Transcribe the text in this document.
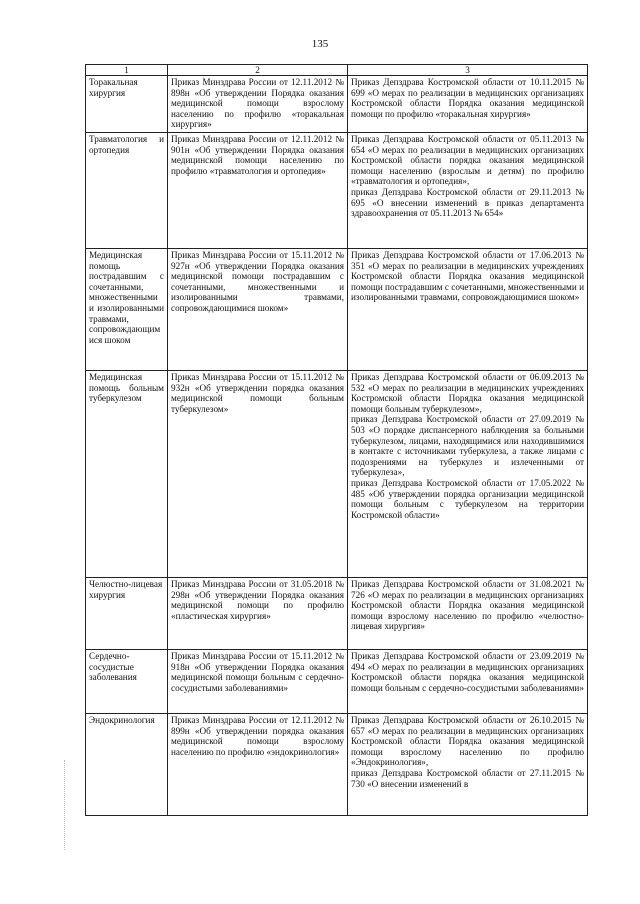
135
1	2	3
Торакальная хирургия	Приказ Минздрава России от 12.11.2012 № 898н «Об утверждении Порядка оказания медицинской помощи взрослому населению по профилю «торакальная хирургия»	Приказ Депздрава Костромской области от 10.11.2015 № 699 «О мерах по реализации в медицинских организациях Костромской области Порядка оказания медицинской помощи по профилю «торакальная хирургия»

Травматология и ортопедия	Приказ Минздрава России от 12.11.2012 № 901н «Об утверждении Порядка оказания медицинской помощи населению по профилю «травматология и ортопедия»	Приказ Депздрава Костромской области от 05.11.2013 № 654 «О мерах по реализации в медицинских организациях Костромской области порядка оказания медицинской помощи населению (взрослым и детям) по профилю «травматология и ортопедия»,
приказ Депздрава Костромской области от 29.11.2013 № 695 «О внесении изменений в приказ департамента здравоохранения от 05.11.2013 № 654»

Медицинская помощь пострадавшим с сочетанными, множественными и изолированными травмами, сопровождающимися шоком	Приказ Минздрава России от 15.11.2012 № 927н «Об утверждении Порядка оказания медицинской помощи пострадавшим с сочетанными, множественными и изолированными травмами, сопровождающимися шоком»	Приказ Депздрава Костромской области от 17.06.2013 № 351 «О мерах по реализации в медицинских учреждениях Костромской области Порядка оказания медицинской помощи пострадавшим с сочетанными, множественными и изолированными травмами, сопровождающимися шоком»

Медицинская помощь больным туберкулезом	Приказ Минздрава России от 15.11.2012 № 932н «Об утверждении порядка оказания медицинской помощи больным туберкулезом»	Приказ Депздрава Костромской области от 06.09.2013 № 532 «О мерах по реализации в медицинских учреждениях Костромской области Порядка оказания медицинской помощи больным туберкулезом»,
приказ Депздрава Костромской области от 27.09.2019 № 503 «О порядке диспансерного наблюдения за больными туберкулезом, лицами, находящимися или находившимися в контакте с источниками туберкулеза, а также лицами с подозрениями на туберкулез и излеченными от туберкулеза»,
приказ Депздрава Костромской области от 17.05.2022 № 485 «Об утверждении порядка организации медицинской помощи больным с туберкулезом на территории Костромской области»

Челюстно-лицевая хирургия	Приказ Минздрава России от 31.05.2018 № 298н «Об утверждении Порядка оказания медицинской помощи по профилю «пластическая хирургия»	Приказ Депздрава Костромской области от 31.08.2021 № 726 «О мерах по реализации в медицинских организациях Костромской области Порядка оказания медицинской помощи взрослому населению по профилю «челюстно-лицевая хирургия»

Сердечно-сосудистые заболевания	Приказ Минздрава России от 15.11.2012 № 918н «Об утверждении Порядка оказания медицинской помощи больным с сердечно-сосудистыми заболеваниями»	Приказ Депздрава Костромской области от 23.09.2019 № 494 «О мерах по реализации в медицинских организациях Костромской области порядка оказания медицинской помощи больным с сердечно-сосудистыми заболеваниями»

Эндокринология	Приказ Минздрава России от 12.11.2012 № 899н «Об утверждении порядка оказания медицинской помощи взрослому населению по профилю «эндокринология»	Приказ Депздрава Костромской области от 26.10.2015 № 657 «О мерах по реализации в медицинских организациях Костромской области Порядка оказания медицинской помощи взрослому населению по профилю «Эндокринология»,
приказ Депздрава Костромской области от 27.11.2015 № 730 «О внесении изменений в
